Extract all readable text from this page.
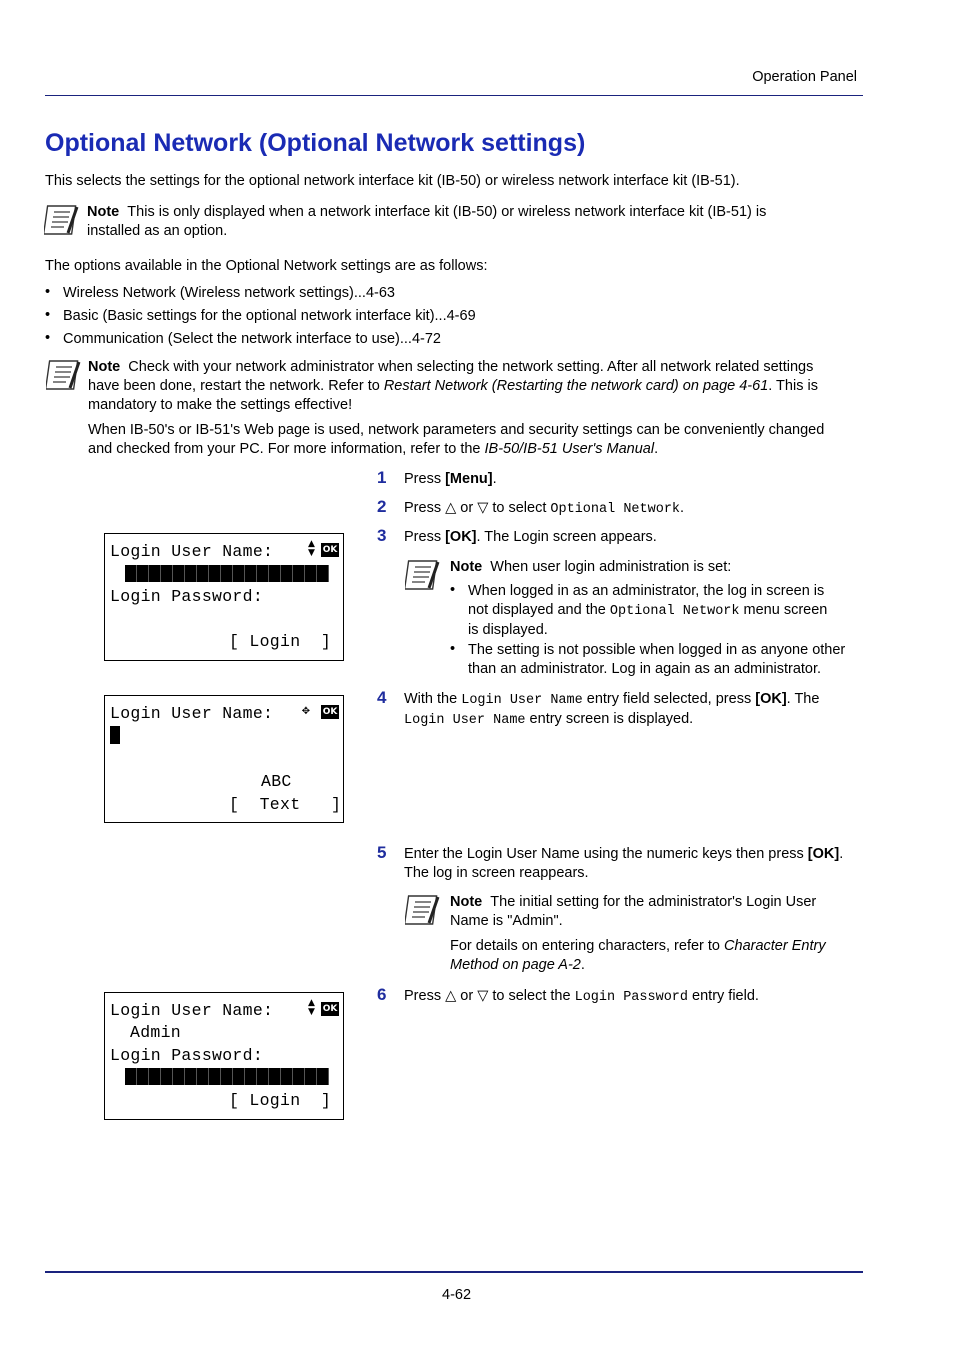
Operation Panel
Optional Network (Optional Network settings)
This selects the settings for the optional network interface kit (IB-50) or wireless network interface kit (IB-51).
Note This is only displayed when a network interface kit (IB-50) or wireless network interface kit (IB-51) is
installed as an option.
The options available in the Optional Network settings are as follows:
• Wireless Network (Wireless network settings)...4-63
• Basic (Basic settings for the optional network interface kit)...4-69
• Communication (Select the network interface to use)...4-72
Note Check with your network administrator when selecting the network setting. After all network related settings
have been done, restart the network. Refer to Restart Network (Restarting the network card) on page 4-61. This is
mandatory to make the settings effective!
When IB-50's or IB-51's Web page is used, network parameters and security settings can be conveniently changed
and checked from your PC. For more information, refer to the IB-50/IB-51 User's Manual.
1 Press [Menu].
2 Press △ or ▽ to select Optional Network.
3 Press [OK]. The Login screen appears.
Note When user login administration is set:
• When logged in as an administrator, the log in screen is
not displayed and the Optional Network menu screen
is displayed.
• The setting is not possible when logged in as anyone other
than an administrator. Log in again as an administrator.
4 With the Login User Name entry field selected, press [OK]. The
Login User Name entry screen is displayed.
5 Enter the Login User Name using the numeric keys then press [OK].
The log in screen reappears.
Note The initial setting for the administrator's Login User
Name is "Admin".
For details on entering characters, refer to Character Entry
Method on page A-2.
6 Press △ or ▽ to select the Login Password entry field.
Login User Name:	▲
▼ OK
Login Password:
[ Login  ]
Login User Name: ✥ OK
ABC
[  Text   ]
Login User Name:	▲
▼ OK
Admin
Login Password:
[ Login  ]
4-62
